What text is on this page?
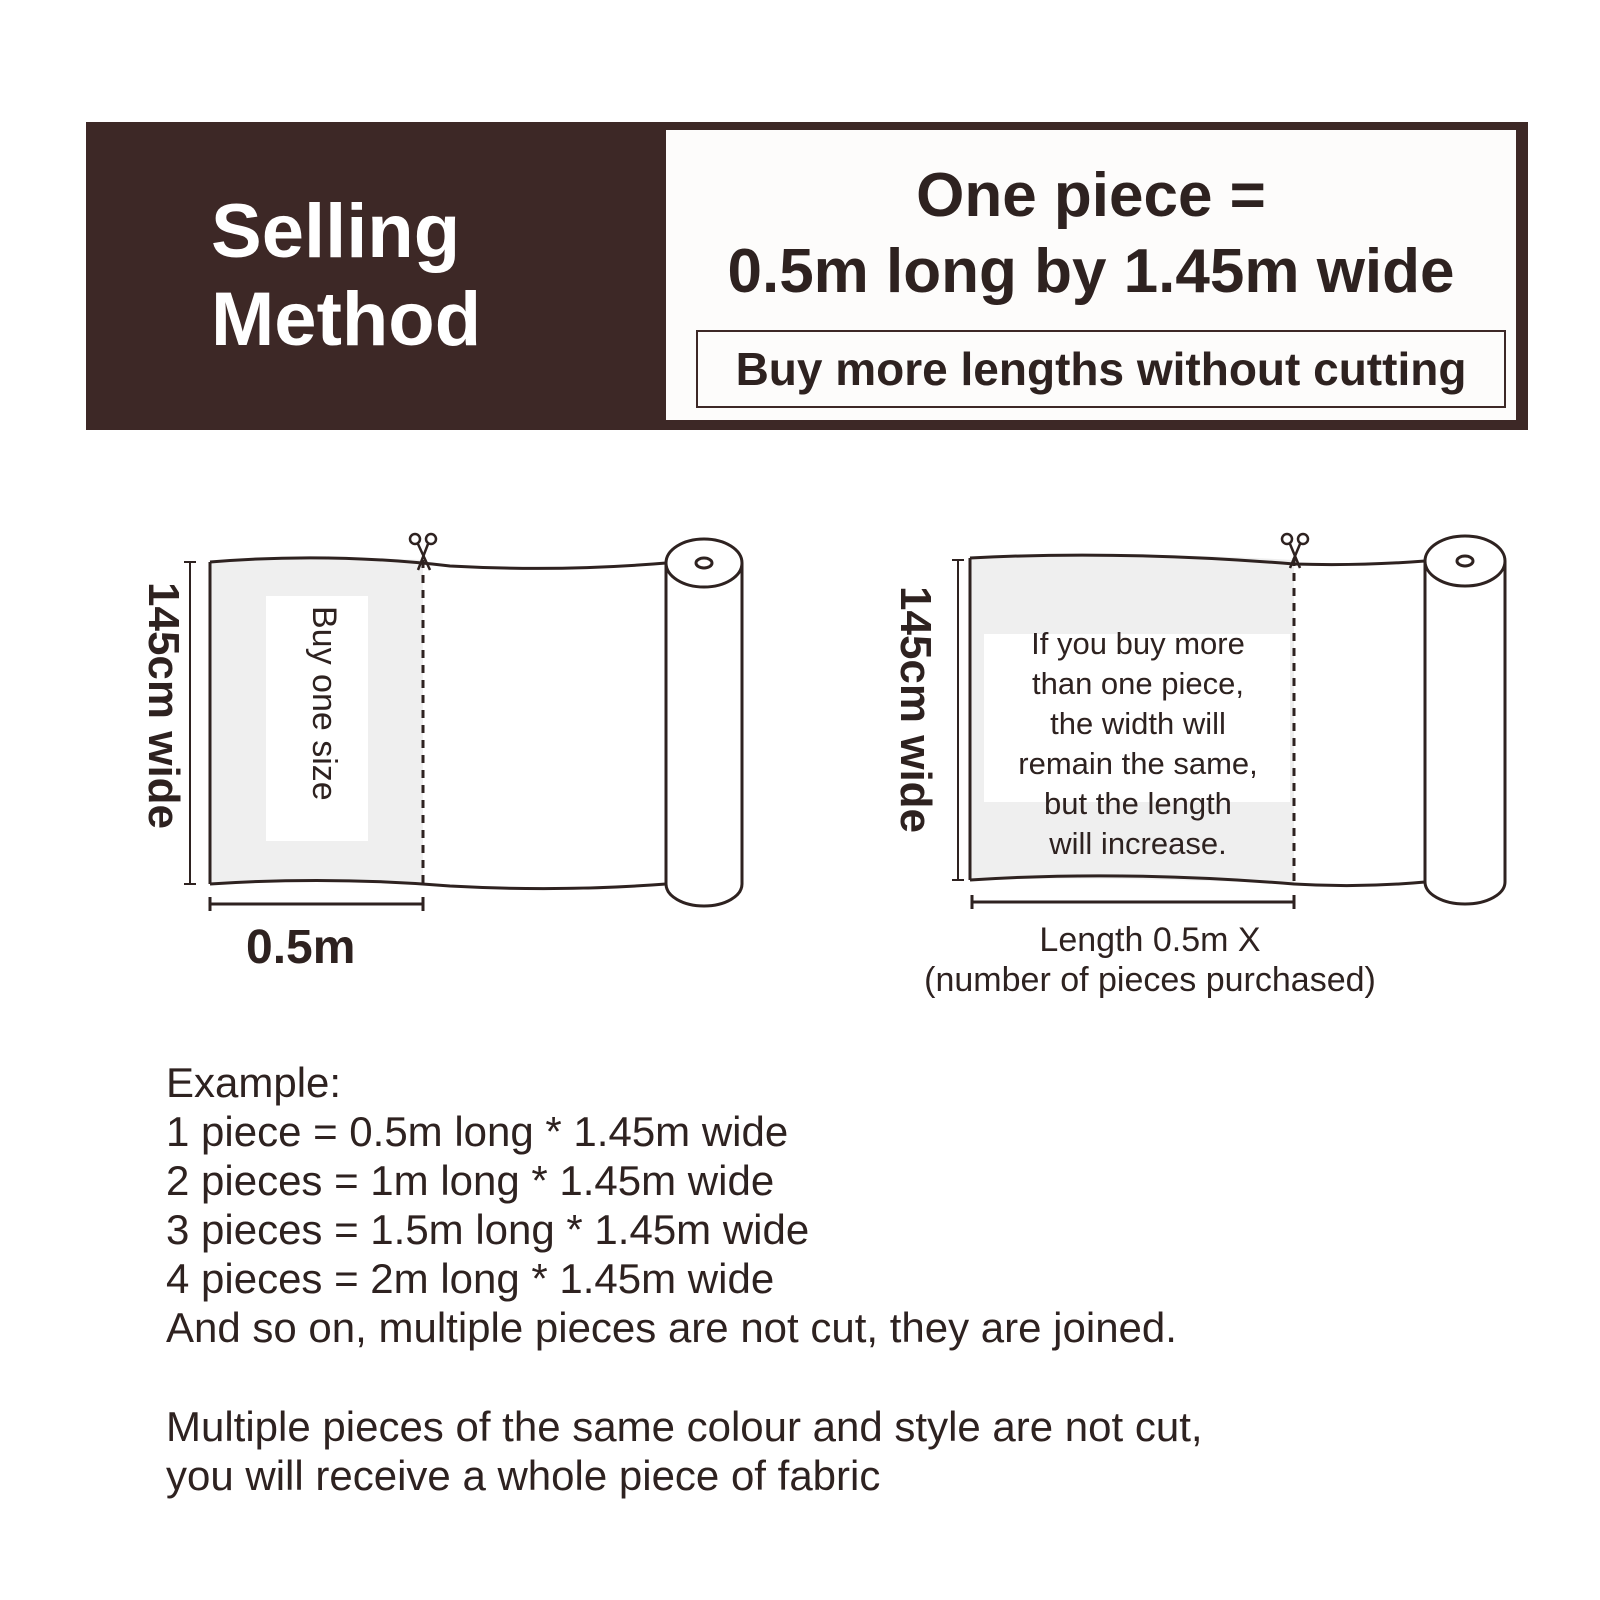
Selling
Method
One piece =
0.5m long by 1.45m wide
Buy more lengths without cutting
145cm wide	Buy one size
0.5m
145cm wide	If you buy more
than one piece,
the width will
remain the same,
but the length
will increase.
Length 0.5m X
(number of pieces purchased)
Example:
1 piece = 0.5m long * 1.45m wide
2 pieces = 1m long * 1.45m wide
3 pieces = 1.5m long * 1.45m wide
4 pieces = 2m long * 1.45m wide
And so on, multiple pieces are not cut, they are joined.
Multiple pieces of the same colour and style are not cut,
you will receive a whole piece of fabric
